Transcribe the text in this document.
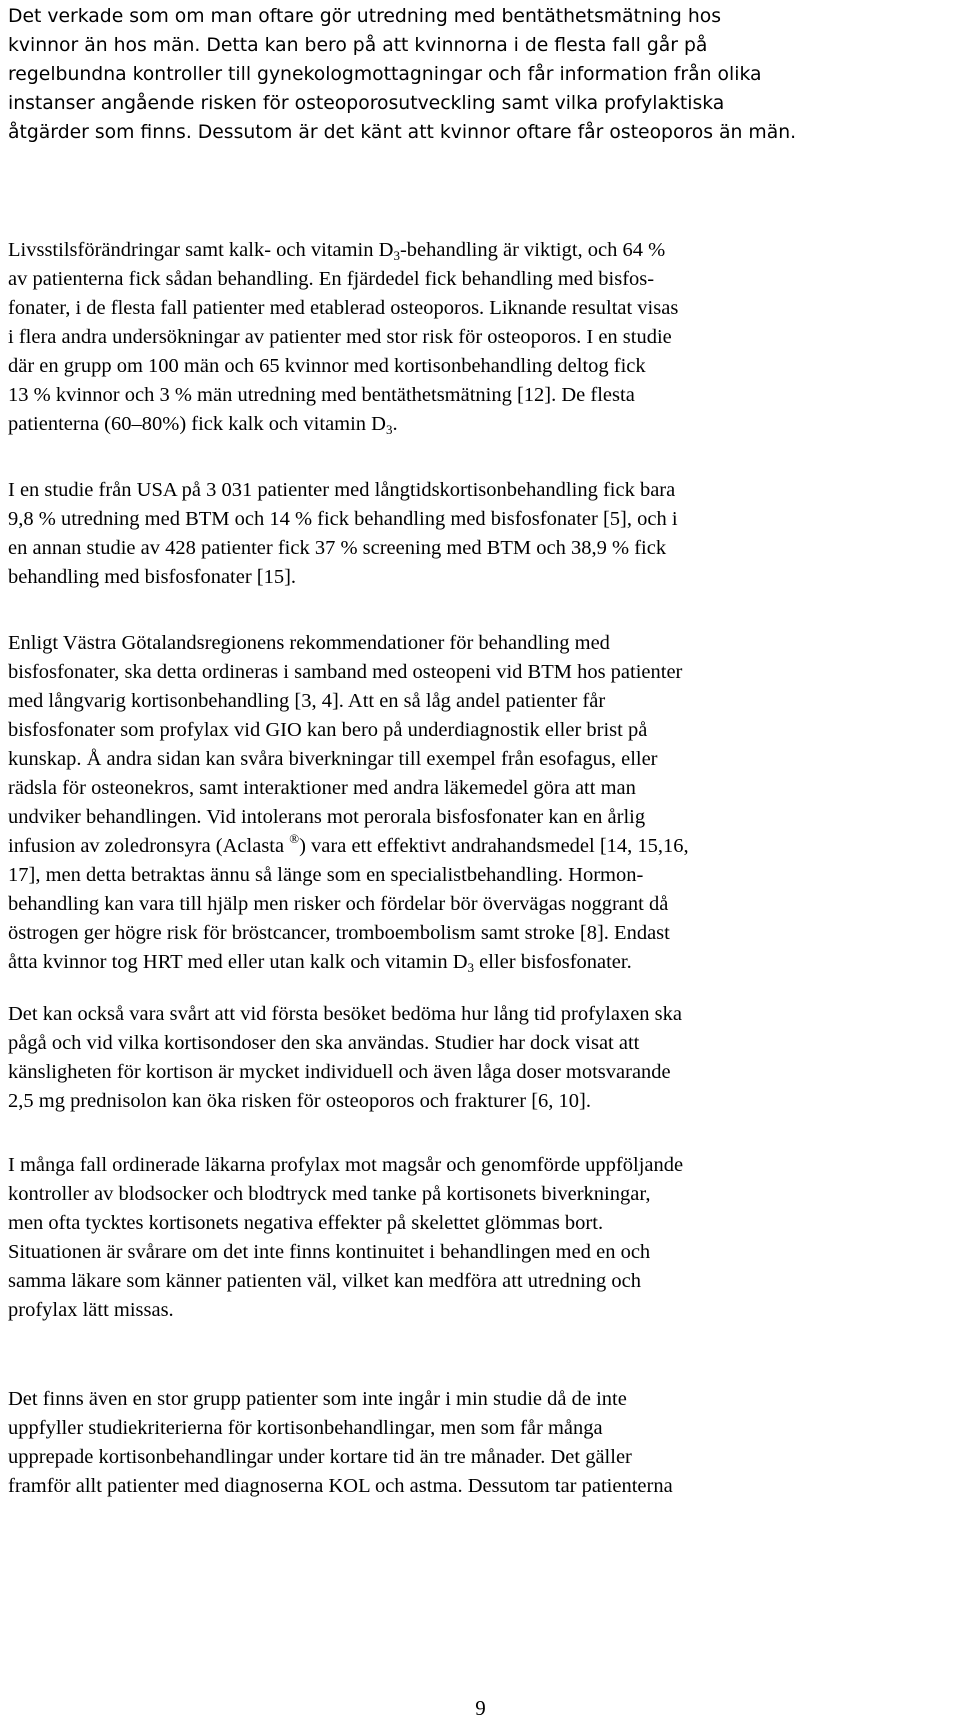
Det verkade som om man oftare gör utredning med bentäthetsmätning hos
kvinnor än hos män. Detta kan bero på att kvinnorna i de flesta fall går på
regelbundna kontroller till gynekologmottagningar och får information från olika
instanser angående risken för osteoporosutveckling samt vilka profylaktiska
åtgärder som finns. Dessutom är det känt att kvinnor oftare får osteoporos än män.
Livsstilsförändringar samt kalk- och vitamin $D_3$-behandling är viktigt, och 64 %
av patienterna fick sådan behandling. En fjärdedel fick behandling med bisfos-
fonater, i de flesta fall patienter med etablerad osteoporos. Liknande resultat visas
i flera andra undersökningar av patienter med stor risk för osteoporos. I en studie
där en grupp om 100 män och 65 kvinnor med kortisonbehandling deltog fick
13 % kvinnor och 3 % män utredning med bentäthetsmätning [12]. De flesta
patienterna (60–80%) fick kalk och vitamin $D_3$.
I en studie från USA på 3 031 patienter med långtidskortisonbehandling fick bara
9,8 % utredning med BTM och 14 % fick behandling med bisfosfonater [5], och i
en annan studie av 428 patienter fick 37 % screening med BTM och 38,9 % fick
behandling med bisfosfonater [15].
Enligt Västra Götalandsregionens rekommendationer för behandling med
bisfosfonater, ska detta ordineras i samband med osteopeni vid BTM hos patienter
med långvarig kortisonbehandling [3, 4]. Att en så låg andel patienter får
bisfosfonater som profylax vid GIO kan bero på underdiagnostik eller brist på
kunskap. Å andra sidan kan svåra biverkningar till exempel från esofagus, eller
rädsla för osteonekros, samt interaktioner med andra läkemedel göra att man
undviker behandlingen. Vid intolerans mot perorala bisfosfonater kan en årlig
infusion av zoledronsyra (Aclasta ®) vara ett effektivt andrahandsmedel [14, 15,16,
17], men detta betraktas ännu så länge som en specialistbehandling. Hormon-
behandling kan vara till hjälp men risker och fördelar bör övervägas noggrant då
östrogen ger högre risk för bröstcancer, tromboembolism samt stroke [8]. Endast
åtta kvinnor tog HRT med eller utan kalk och vitamin $D_3$ eller bisfosfonater.
Det kan också vara svårt att vid första besöket bedöma hur lång tid profylaxen ska
pågå och vid vilka kortisondoser den ska användas. Studier har dock visat att
känsligheten för kortison är mycket individuell och även låga doser motsvarande
2,5 mg prednisolon kan öka risken för osteoporos och frakturer [6, 10].
I många fall ordinerade läkarna profylax mot magsår och genomförde uppföljande
kontroller av blodsocker och blodtryck med tanke på kortisonets biverkningar,
men ofta tycktes kortisonets negativa effekter på skelettet glömmas bort.
Situationen är svårare om det inte finns kontinuitet i behandlingen med en och
samma läkare som känner patienten väl, vilket kan medföra att utredning och
profylax lätt missas.
Det finns även en stor grupp patienter som inte ingår i min studie då de inte
uppfyller studiekriterierna för kortisonbehandlingar, men som får många
upprepade kortisonbehandlingar under kortare tid än tre månader. Det gäller
framför allt patienter med diagnoserna KOL och astma. Dessutom tar patienterna
9
